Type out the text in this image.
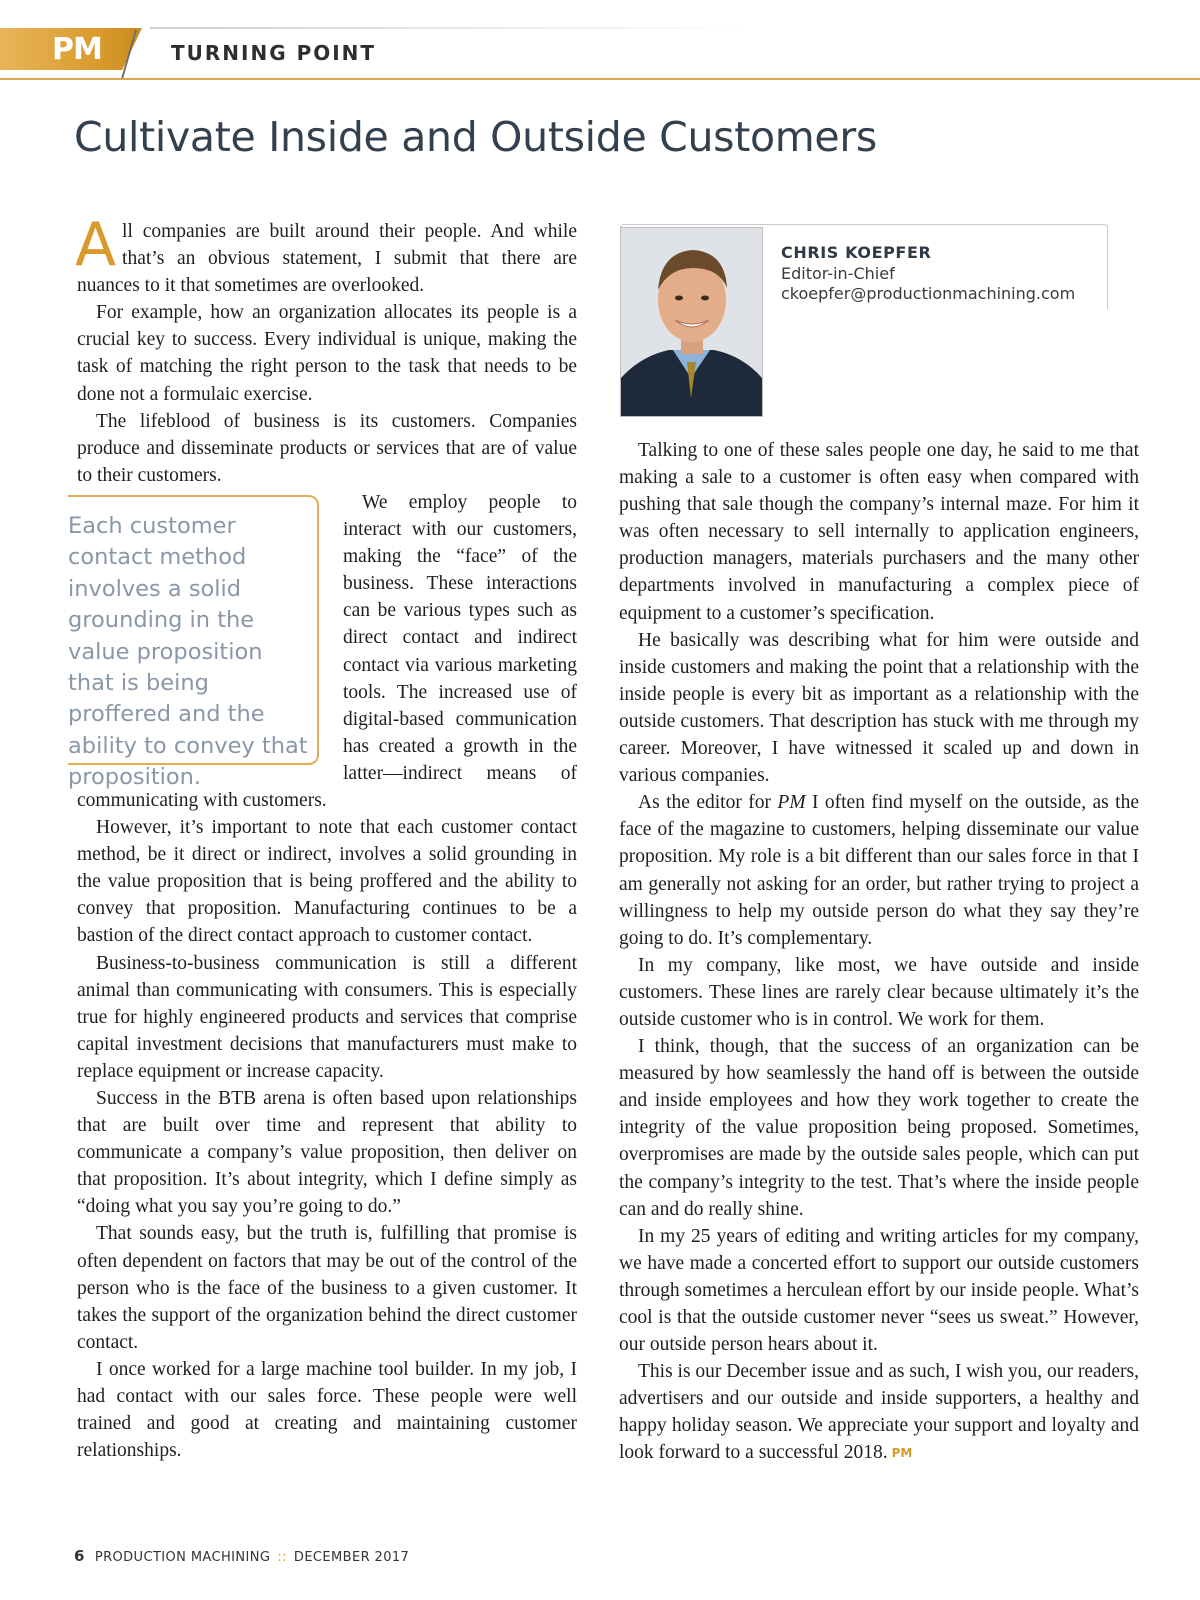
PM	TURNING POINT
Cultivate Inside and Outside Customers

All companies are built around their people. And while that’s an obvious statement, I submit that there are nuances to it that sometimes are overlooked.

For example, how an organization allocates its people is a crucial key to success. Every individual is unique, making the task of matching the right person to the task that needs to be done not a formulaic exercise.

The lifeblood of business is its customers. Companies produce and disseminate products or services that are of value to their customers.

Each customer contact method involves a solid grounding in the value proposition that is being proffered and the ability to convey that proposition.

We employ people to interact with our customers, making the “face” of the business. These interactions can be various types such as direct contact and indirect contact via various marketing tools. The increased use of digital-based communication has created a growth in the latter—indirect means of communicating with customers.

However, it’s important to note that each customer contact method, be it direct or indirect, involves a solid grounding in the value proposition that is being proffered and the ability to convey that proposition. Manufacturing continues to be a bastion of the direct contact approach to customer contact.

Business-to-business communication is still a different animal than communicating with consumers. This is especially true for highly engineered products and services that comprise capital investment decisions that manufacturers must make to replace equipment or increase capacity.

Success in the BTB arena is often based upon relationships that are built over time and represent that ability to communicate a company’s value proposition, then deliver on that proposition. It’s about integrity, which I define simply as “doing what you say you’re going to do.”

That sounds easy, but the truth is, fulfilling that promise is often dependent on factors that may be out of the control of the person who is the face of the business to a given customer. It takes the support of the organization behind the direct customer contact.

I once worked for a large machine tool builder. In my job, I had contact with our sales force. These people were well trained and good at creating and maintaining customer relationships.

CHRIS KOEPFER
Editor-in-Chief
ckoepfer@productionmachining.com

Talking to one of these sales people one day, he said to me that making a sale to a customer is often easy when compared with pushing that sale though the company’s internal maze. For him it was often necessary to sell internally to application engineers, production managers, materials purchasers and the many other departments involved in manufacturing a complex piece of equipment to a customer’s specification.

He basically was describing what for him were outside and inside customers and making the point that a relationship with the inside people is every bit as important as a relationship with the outside customers. That description has stuck with me through my career. Moreover, I have witnessed it scaled up and down in various companies.

As the editor for PM I often find myself on the outside, as the face of the magazine to customers, helping disseminate our value proposition. My role is a bit different than our sales force in that I am generally not asking for an order, but rather trying to project a willingness to help my outside person do what they say they’re going to do. It’s complementary.

In my company, like most, we have outside and inside customers. These lines are rarely clear because ultimately it’s the outside customer who is in control. We work for them.

I think, though, that the success of an organization can be measured by how seamlessly the hand off is between the outside and inside employees and how they work together to create the integrity of the value proposition being proposed. Sometimes, overpromises are made by the outside sales people, which can put the company’s integrity to the test. That’s where the inside people can and do really shine.

In my 25 years of editing and writing articles for my company, we have made a concerted effort to support our outside customers through sometimes a herculean effort by our inside people. What’s cool is that the outside customer never “sees us sweat.” However, our outside person hears about it.

This is our December issue and as such, I wish you, our readers, advertisers and our outside and inside supporters, a healthy and happy holiday season. We appreciate your support and loyalty and look forward to a successful 2018. PM

6 PRODUCTION MACHINING :: DECEMBER 2017
